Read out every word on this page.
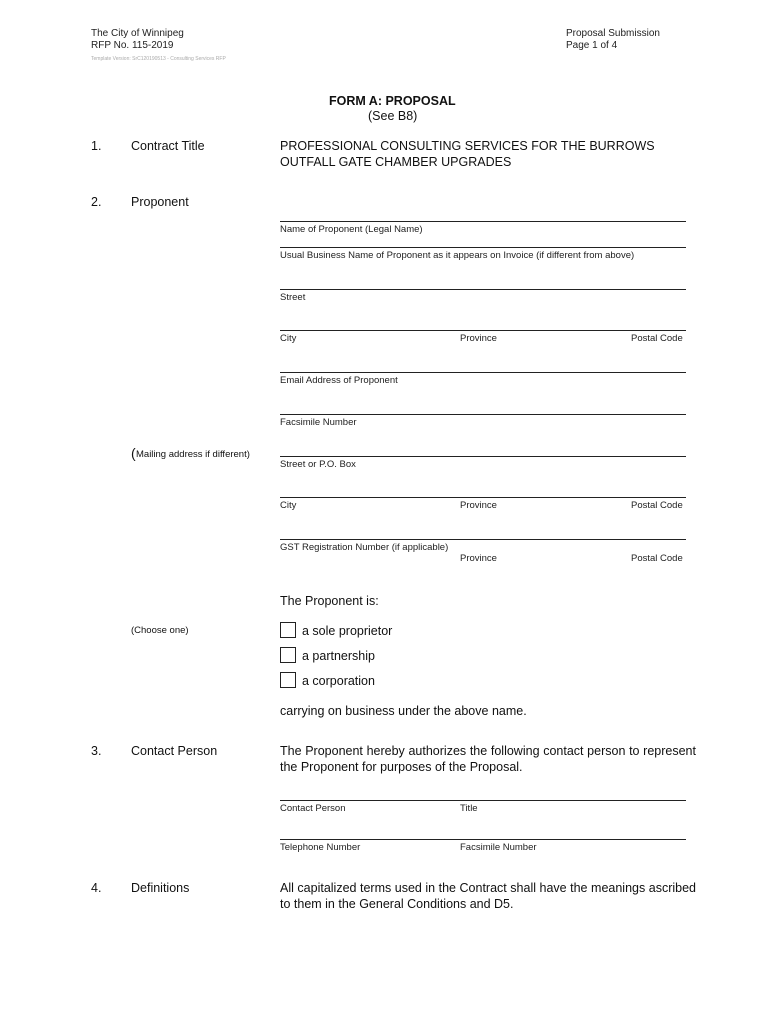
The City of Winnipeg
RFP No. 115-2019
Template Version: SrC120190513 - Consulting Services RFP
Proposal Submission
Page 1 of 4
FORM A: PROPOSAL
(See B8)
1. Contract Title	PROFESSIONAL CONSULTING SERVICES FOR THE BURROWS
OUTFALL GATE CHAMBER UPGRADES
2. Proponent
Name of Proponent (Legal Name)
Usual Business Name of Proponent as it appears on Invoice (if different from above)
Street
City	Province	Postal Code
Email Address of Proponent
Facsimile Number
( Mailing address if different)
Street or P.O. Box
City	Province	Postal Code
GST Registration Number (if applicable)
Province	Postal Code
The Proponent is:
(Choose one)	a sole proprietor
a partnership
a corporation
carrying on business under the above name.
3. Contact Person	The Proponent hereby authorizes the following contact person to represent the Proponent for purposes of the Proposal.
Contact Person	Title
Telephone Number	Facsimile Number
4. Definitions	All capitalized terms used in the Contract shall have the meanings ascribed to them in the General Conditions and D5.
